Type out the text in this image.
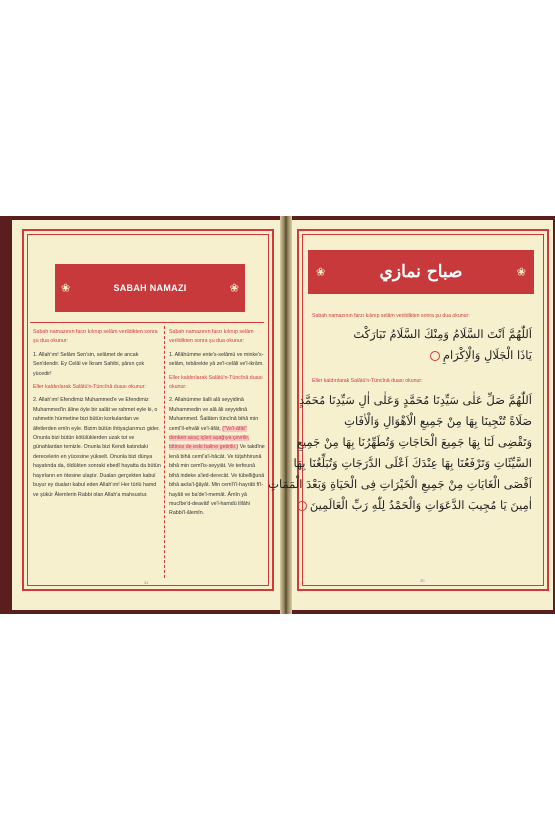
❀	SABAH NAMAZI	❀
❀	صباح نمازي	❀

Sabah namazının farzı kılınıp selâm verildikten sonra şu dua okunur:

1. Allah'ım! Selâm Sen'sin, selâmet de ancak Sen'dendir. Ey Celâl ve İkram Sahibi, şânın çok yücedir!

Eller kaldırılarak Salâtü'n-Tüncînâ duası okunur:

2. Allah'ım! Efendimiz Muhammed'e ve Efendimiz Muhammed'in âline öyle bir salât ve rahmet eyle ki, o rahmetin hürmetine bizi bütün korkulardan ve âfetlerden emîn eyle. Bizim bütün ihtiyaçlarımızı gider. Onunla bizi bütün kötülüklerden uzak tut ve günahlardan temizle. Onunla bizi Kendi katındaki derecelerin en yücesine yükselt. Onunla bizi dünya hayatında da, öldükten sonraki ebedî hayatta da bütün hayırların en ötesine ulaştır. Duaları gerçekten kabul buyur ey duaları kabul eden Allah'ım! Her türlü hamd ve şükür Âlemlerin Rabbi olan Allah'a mahsustur.

Sabah namazının farzı kılınıp selâm verildikten sonra şu dua okunur:

1. Allâhümme ente's-selâmü ve minke's-selâm, tebârekte yâ ze'l-celâli ve'l-ikrâm.

Eller kaldırılarak Salâtü'n-Tüncînâ duası okunur:

2. Allahümme ŝalli alâ seyyidinâ Muhammedin ve alâ âli seyyidinâ Muhammed. Ŝalâten tüncînâ bihâ min cemî'il-ehvâli ve'l-âfât, ("Ve'l-âfât" denken avuç içleri aşağıya çevrilir, bitince de eski haline getirilir.) Ve takdîne lenâ bihâ cemî'a'l-hâcât. Ve tüţahhirunâ bihâ min cemî'is-seyyiât. Ve terfeunâ bihâ indeke a'led-derecât. Ve tübelliğunâ bihâ aĸŝa'l-ğâyât. Min cemî'i'l-hayrâti fi'l-hayâti ve ba'de'l-memât. Âmîn yâ mucîbe'd-deavât! ve'l-hamdü lillâhi Rabbi'l-âlemîn.

31
Sabah namazının farzı kılınıp selâm verildikten sonra şu dua okunur:
اَللّٰهُمَّ اَنْتَ السَّلَامُ وَمِنْكَ السَّلَامُ تَبَارَكْتَ
يَاذَا الْجَلَالِ وَالْاِكْرَامِ
Eller kaldırılarak Salâtü'n-Tüncînâ duası okunur:
اَللّٰهُمَّ صَلِّ عَلٰى سَيِّدِنَا مُحَمَّدٍ وَعَلٰى اٰلِ سَيِّدِنَا مُحَمَّدٍ
صَلَاةً تُنْجِينَا بِهَا مِنْ جَمِيعِ الْاَهْوَالِ وَالْاٰفَاتِ
وَتَقْضِى لَنَا بِهَا جَمِيعَ الْحَاجَاتِ وَتُطَهِّرُنَا بِهَا مِنْ جَمِيعِ
السَّيِّئَاتِ وَتَرْفَعُنَا بِهَا عِنْدَكَ اَعْلَى الدَّرَجَاتِ وَتُبَلِّغُنَا بِهَا
اَقْصَى الْغَايَاتِ مِنْ جَمِيعِ الْخَيْرَاتِ فِى الْحَيَاةِ وَبَعْدَ الْمَمَاتِ
اٰمِينَ يَا مُجِيبَ الدَّعَوَاتِ وَالْحَمْدُ لِلّٰهِ رَبِّ الْعَالَمِينَ
30
